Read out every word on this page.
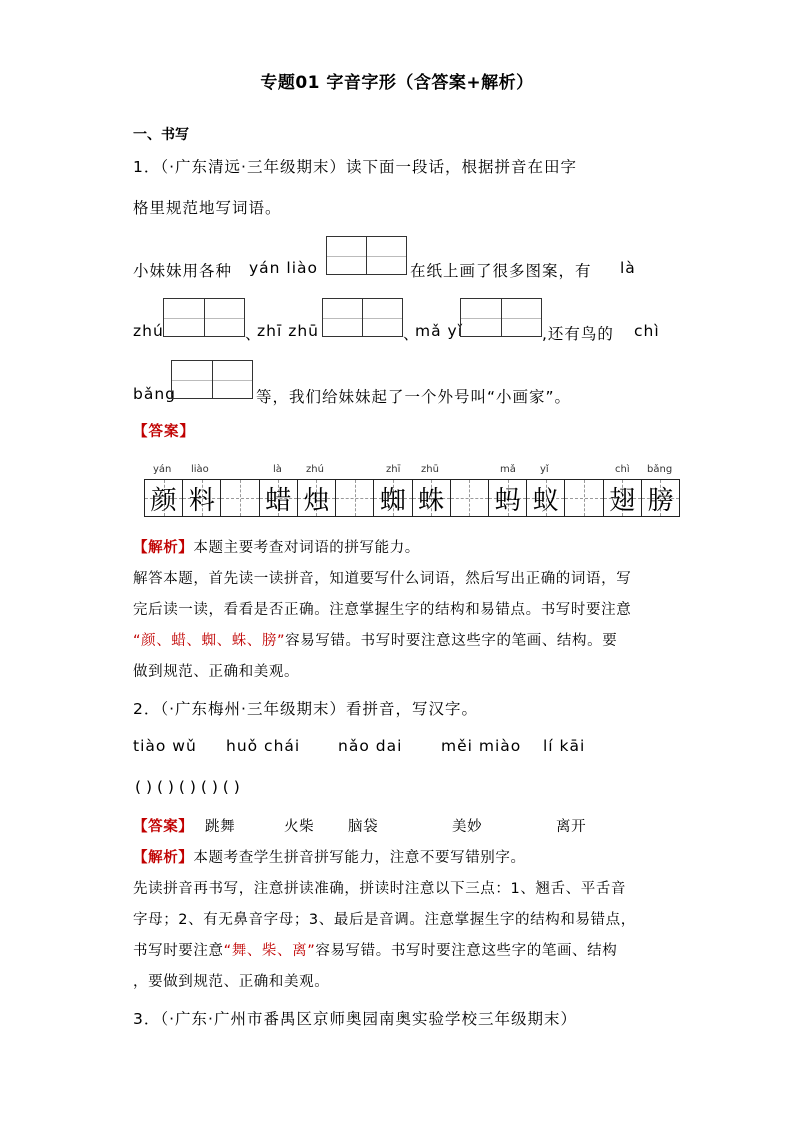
专题01 字音字形（含答案+解析）
一、书写
1．（·广东清远·三年级期末）读下面一段话，根据拼音在田字
格里规范地写词语。
小妹妹用各种 yán liào	在纸上画了很多图案，有 là
zhú	、
zhī zhū	、
mǎ yǐ	,还有鸟的 chì
bǎng	等，我们给妹妹起了一个外号叫“小画家”。
【答案】
yán liào	là zhú	zhī zhū	mǎ yǐ	chì bǎng
颜 料 蜡 烛 蜘 蛛 蚂 蚁 翅 膀
【解析】本题主要考查对词语的拼写能力。
解答本题，首先读一读拼音，知道要写什么词语，然后写出正确的词语，写
完后读一读，看看是否正确。注意掌握生字的结构和易错点。书写时要注意
“颜、蜡、蜘、蛛、膀”容易写错。书写时要注意这些字的笔画、结构。要
做到规范、正确和美观。
2．（·广东梅州·三年级期末）看拼音，写汉字。
tiào wǔ huǒ chái nǎo dai měi miào lí kāi
( ) ( ) ( ) ( ) ( )
【答案】 跳舞	火柴 脑袋	美妙	离开
【解析】本题考查学生拼音拼写能力，注意不要写错别字。
先读拼音再书写，注意拼读准确，拼读时注意以下三点：1、翘舌、平舌音
字母；2、有无鼻音字母；3、最后是音调。注意掌握生字的结构和易错点，
书写时要注意“舞、柴、离”容易写错。书写时要注意这些字的笔画、结构
，要做到规范、正确和美观。
3．（·广东·广州市番禺区京师奥园南奥实验学校三年级期末）
